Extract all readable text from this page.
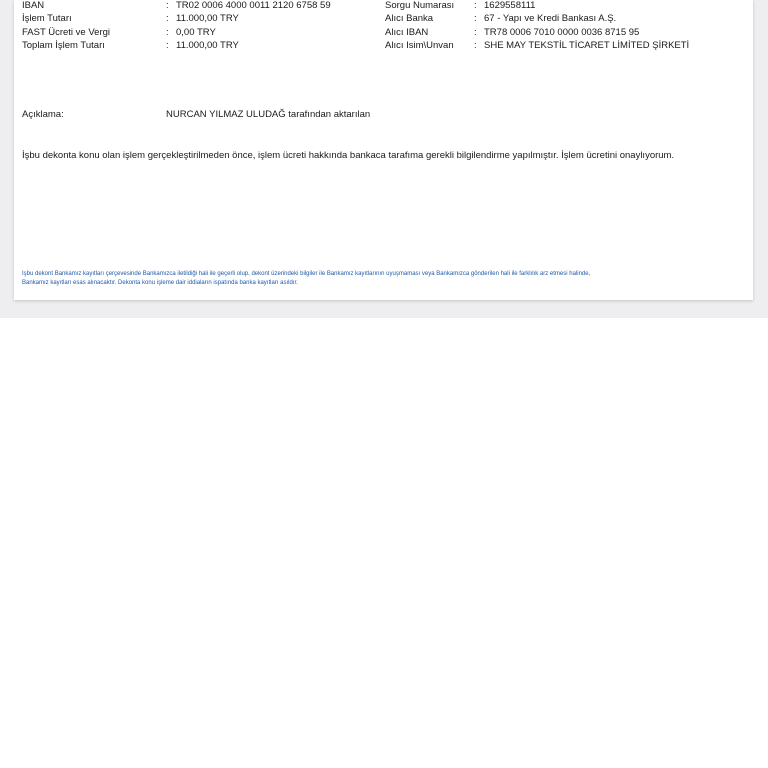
IBAN	: TR02 0006 4000 0011 2120 6758 59
İşlem Tutarı	: 11.000,00 TRY
FAST Ücreti ve Vergi	: 0,00 TRY
Toplam İşlem Tutarı	: 11.000,00 TRY
Sorgu Numarası : 1629558111
Alıcı Banka	: 67 - Yapı ve Kredi Bankası A.Ş.
Alıcı IBAN	: TR78 0006 7010 0000 0036 8715 95
Alıcı Isim\Unvan : SHE MAY TEKSTİL TİCARET LİMİTED ŞİRKETİ
Açıklama:	NURCAN YILMAZ ULUDAĞ tarafından aktarılan
İşbu dekonta konu olan işlem gerçekleştirilmeden önce, işlem ücreti hakkında bankaca tarafıma gerekli bilgilendirme yapılmıştır. İşlem ücretini onaylıyorum.
İşbu dekont Bankamız kayıtları çerçevesinde Bankamızca iletildiği hali ile geçerli olup, dekont üzerindeki bilgiler ile Bankamız kayıtlarının uyuşmaması veya Bankamızca gönderilen hali ile farklılık arz etmesi halinde,
Bankamız kayıtları esas alınacaktır. Dekonta konu işleme dair iddiaların ispatında banka kayıtları asıldır.
